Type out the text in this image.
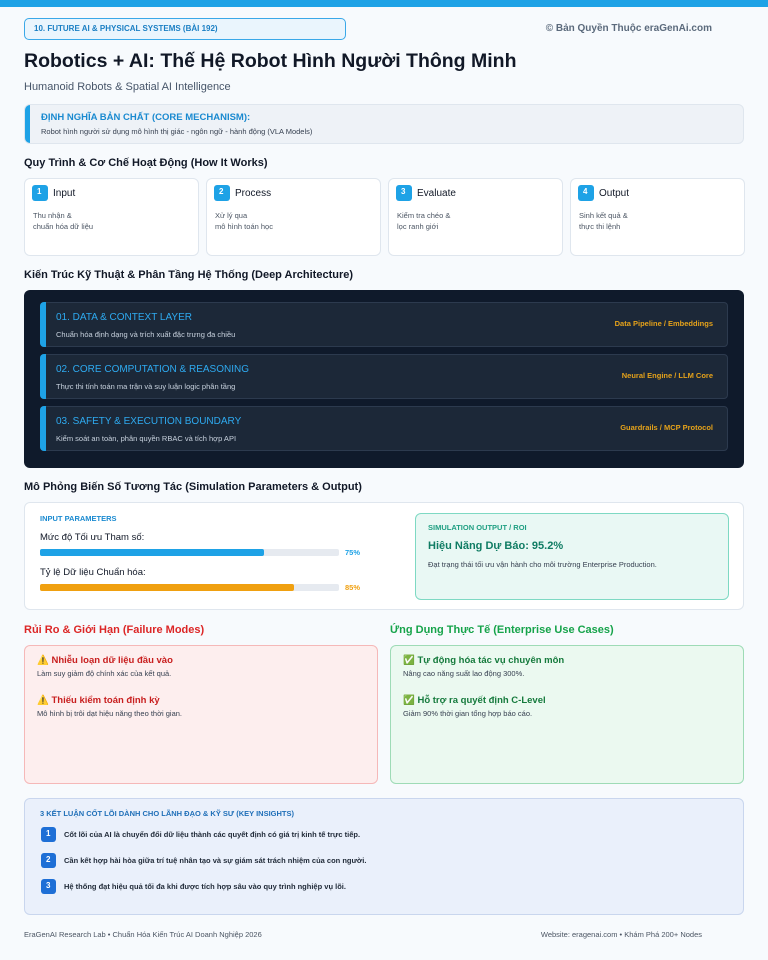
10. FUTURE AI & PHYSICAL SYSTEMS (BÀI 192)	© Bản Quyền Thuộc eraGenAi.com
Robotics + AI: Thế Hệ Robot Hình Người Thông Minh
Humanoid Robots & Spatial AI Intelligence
ĐỊNH NGHĨA BẢN CHẤT (CORE MECHANISM):
Robot hình người sử dụng mô hình thị giác - ngôn ngữ - hành động (VLA Models)
Quy Trình & Cơ Chế Hoạt Động (How It Works)
1	Input
Thu nhận &
chuẩn hóa dữ liệu
2	Process
Xử lý qua
mô hình toán học
3	Evaluate
Kiểm tra chéo &
lọc ranh giới
4	Output
Sinh kết quả &
thực thi lệnh
Kiến Trúc Kỹ Thuật & Phân Tầng Hệ Thống (Deep Architecture)
01. DATA & CONTEXT LAYER
Chuẩn hóa định dạng và trích xuất đặc trưng đa chiều
Data Pipeline / Embeddings
02. CORE COMPUTATION & REASONING
Thực thi tính toán ma trận và suy luận logic phân tầng
Neural Engine / LLM Core
03. SAFETY & EXECUTION BOUNDARY
Kiểm soát an toàn, phân quyền RBAC và tích hợp API
Guardrails / MCP Protocol
Mô Phỏng Biến Số Tương Tác (Simulation Parameters & Output)
INPUT PARAMETERS
Mức độ Tối ưu Tham số:
75%
Tỷ lệ Dữ liệu Chuẩn hóa:
85%
SIMULATION OUTPUT / ROI
Hiệu Năng Dự Báo: 95.2%
Đạt trạng thái tối ưu vận hành cho môi trường Enterprise Production.
Rủi Ro & Giới Hạn (Failure Modes)	Ứng Dụng Thực Tế (Enterprise Use Cases)
⚠️ Nhiễu loạn dữ liệu đầu vào
Làm suy giảm độ chính xác của kết quả.
⚠️ Thiếu kiểm toán định kỳ
Mô hình bị trôi dạt hiệu năng theo thời gian.
✅ Tự động hóa tác vụ chuyên môn
Nâng cao năng suất lao động 300%.
✅ Hỗ trợ ra quyết định C-Level
Giảm 90% thời gian tổng hợp báo cáo.
3 KẾT LUẬN CỐT LÕI DÀNH CHO LÃNH ĐẠO & KỸ SƯ (KEY INSIGHTS)
1	Cốt lõi của AI là chuyển đổi dữ liệu thành các quyết định có giá trị kinh tế trực tiếp.
2	Cần kết hợp hài hòa giữa trí tuệ nhân tạo và sự giám sát trách nhiệm của con người.
3	Hệ thống đạt hiệu quả tối đa khi được tích hợp sâu vào quy trình nghiệp vụ lõi.
EraGenAI Research Lab • Chuẩn Hóa Kiến Trúc AI Doanh Nghiệp 2026	Website: eragenai.com • Khám Phá 200+ Nodes
